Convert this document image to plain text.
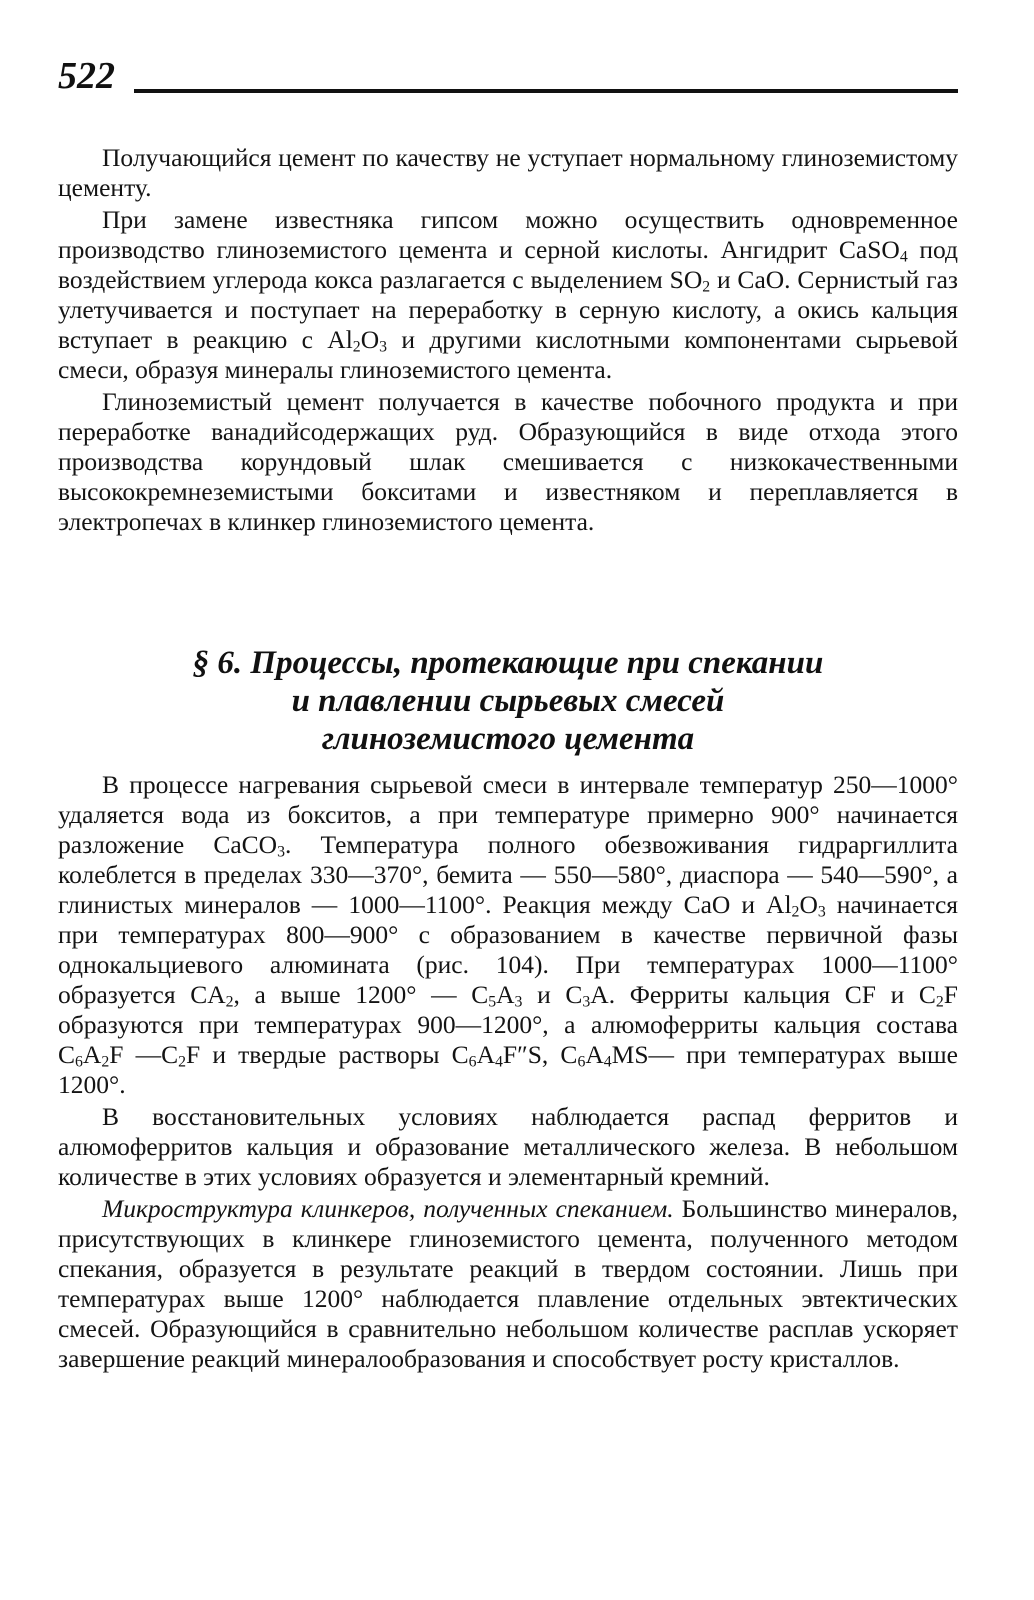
522

Получающийся цемент по качеству не уступает нормальному глиноземистому цементу.

При замене известняка гипсом можно осуществить одновременное производство глиноземистого цемента и серной кислоты. Ангидрит CaSO$_4$ под воздействием углерода кокса разлагается с выделением $SO_2$ и CaO. Сернистый газ улетучивается и поступает на переработку в серную кислоту, а окись кальция вступает в реакцию с $Al_2O_3$ и другими кислотными компонентами сырьевой смеси, образуя минералы глиноземистого цемента.

Глиноземистый цемент получается в качестве побочного продукта и при переработке ванадийсодержащих руд. Образующийся в виде отхода этого производства корундовый шлак смешивается с низкокачественными высококремнеземистыми бокситами и известняком и переплавляется в электропечах в клинкер глиноземистого цемента.

§ 6. Процессы, протекающие при спекании
и плавлении сырьевых смесей
глиноземистого цемента

В процессе нагревания сырьевой смеси в интервале температур 250—1000° удаляется вода из бокситов, а при температуре примерно 900° начинается разложение CaCO$_3$. Температура полного обезвоживания гидраргиллита колеблется в пределах 330—370°, бемита — 550—580°, диаспора — 540—590°, а глинистых минералов — 1000—1100°. Реакция между CaO и $Al_2O_3$ начинается при температурах 800—900° с образованием в качестве первичной фазы однокальциевого алюмината (рис. 104). При температурах 1000—1100° образуется $CA_2$, а выше 1200° — $C_5A_3$ и $C_3A$. Ферриты кальция CF и $C_2F$ образуются при температурах 900—1200°, а алюмоферриты кальция состава $C_6A_2F$ $—C_2F$ и твердые растворы $C_6A_4F''S$, $C_6A_4MS—$ при температурах выше 1200°.

В восстановительных условиях наблюдается распад ферритов и алюмоферритов кальция и образование металлического железа. В небольшом количестве в этих условиях образуется и элементарный кремний.

Микроструктура клинкеров, полученных спеканием. Большинство минералов, присутствующих в клинкере глиноземистого цемента, полученного методом спекания, образуется в результате реакций в твердом состоянии. Лишь при температурах выше 1200° наблюдается плавление отдельных эвтектических смесей. Образующийся в сравнительно небольшом количестве расплав ускоряет завершение реакций минералообразования и способствует росту кристаллов.
